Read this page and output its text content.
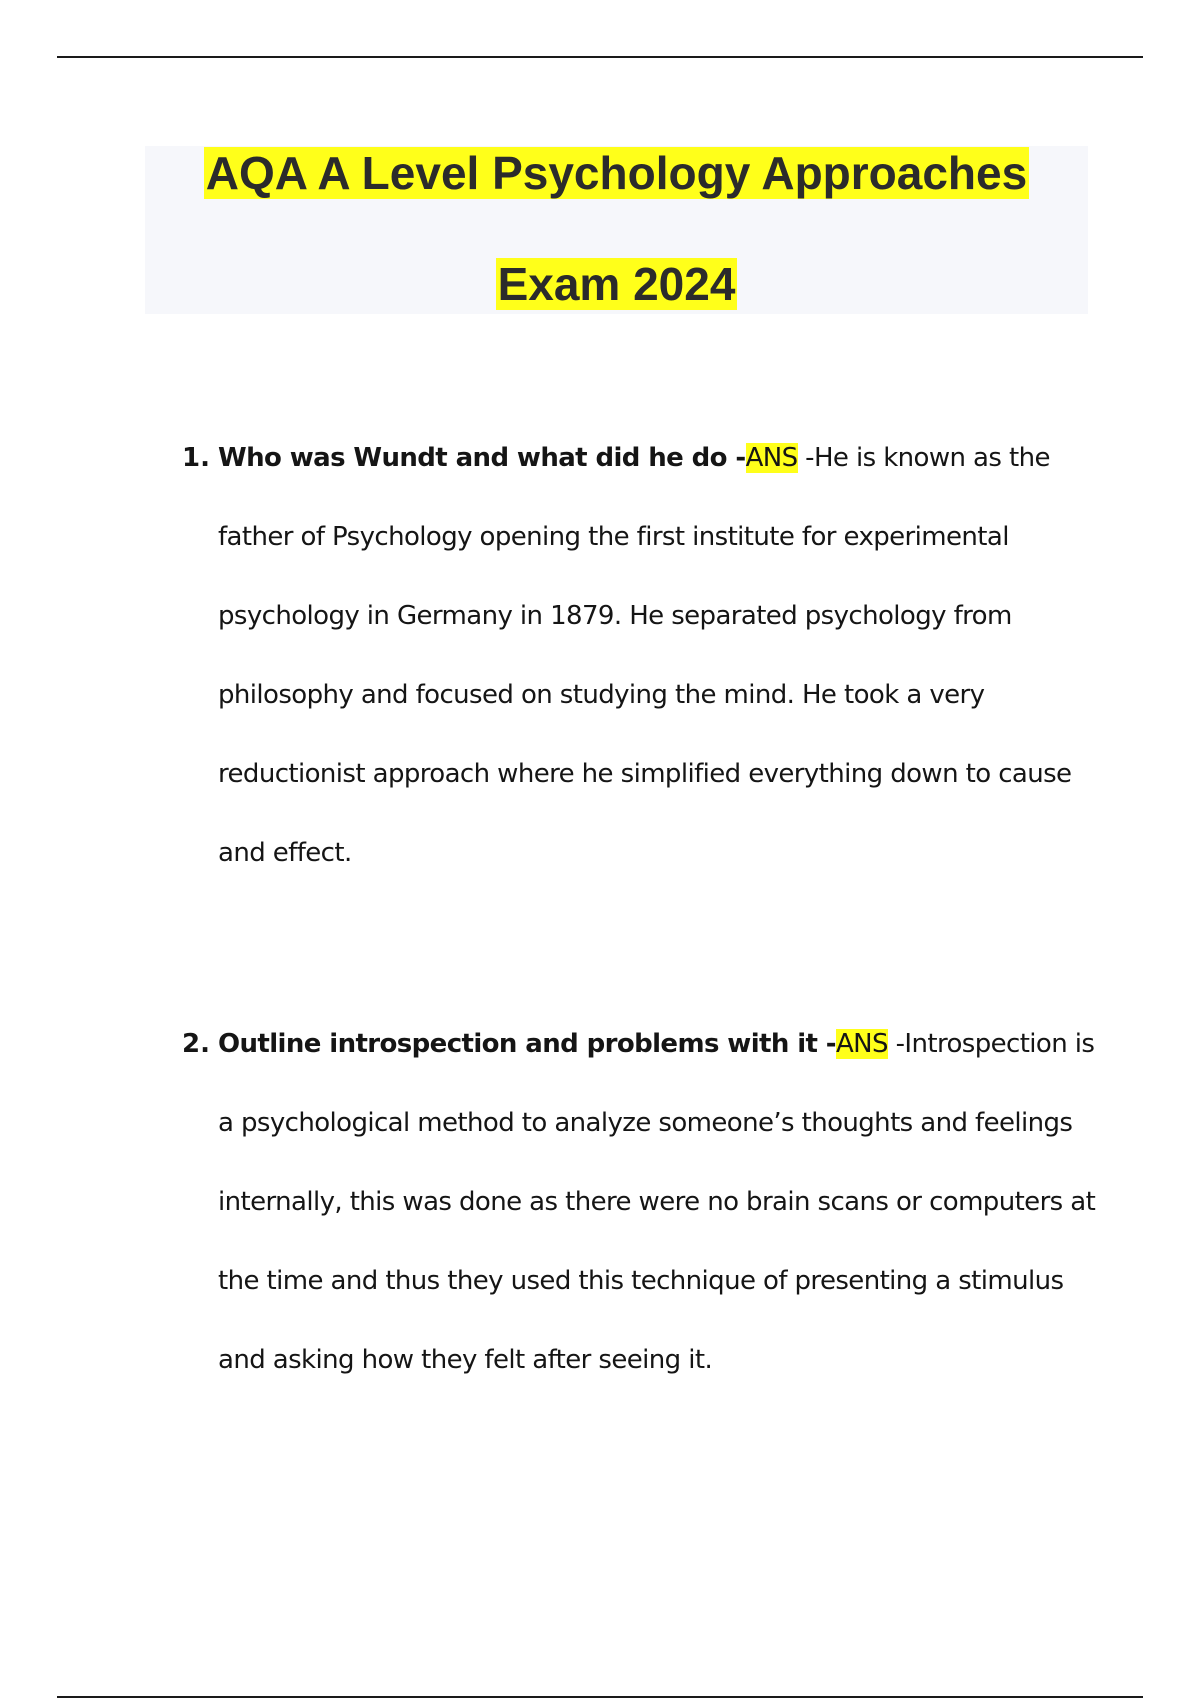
AQA A Level Psychology Approaches
Exam 2024
1. Who was Wundt and what did he do -ANS -He is known as the father of Psychology opening the first institute for experimental psychology in Germany in 1879. He separated psychology from philosophy and focused on studying the mind. He took a very reductionist approach where he simplified everything down to cause and effect.
2. Outline introspection and problems with it -ANS -Introspection is a psychological method to analyze someone’s thoughts and feelings internally, this was done as there were no brain scans or computers at the time and thus they used this technique of presenting a stimulus and asking how they felt after seeing it.
